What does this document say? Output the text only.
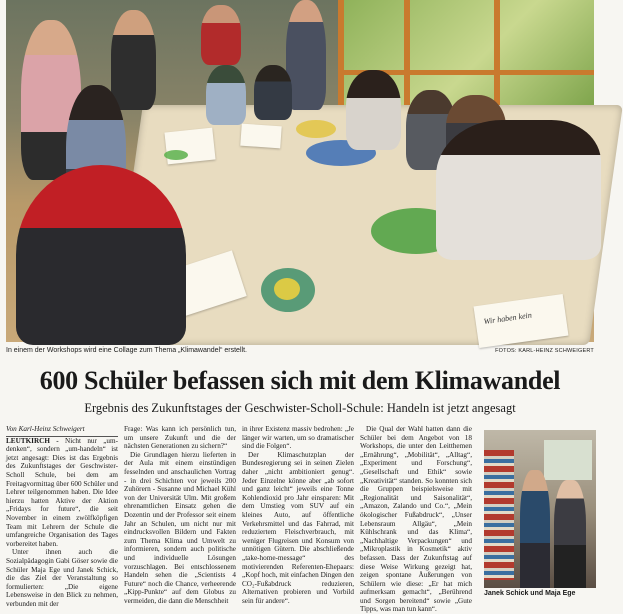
Wir haben kein
In einem der Workshops wird eine Collage zum Thema „Klimawandel“ erstellt.	FOTOS: KARL-HEINZ SCHWEIGERT
600 Schüler befassen sich mit dem Klimawandel
Ergebnis des Zukunftstages der Geschwister-Scholl-Schule: Handeln ist jetzt angesagt

Von Karl-Heinz Schweigert

LEUTKIRCH - Nicht nur „um-denken“, sondern „um-handeln“ ist jetzt angesagt: Dies ist das Ergebnis des Zukunftstages der Geschwister-Scholl Schule, bei dem am Freitagvormittag über 600 Schüler und Lehrer teilgenommen haben. Die Idee hierzu hatten Aktive der Aktion „Fridays for future“, die seit November in einem zwölfköpfigen Team mit Lehrern der Schule die umfangreiche Organisation des Tages vorbereitet haben.

Unter ihnen auch die Sozialpädagogin Gabi Göser sowie die Schüler Maja Ege und Janek Schick, die das Ziel der Veranstaltung so formulierten: „Die eigene Lebensweise in den Blick zu nehmen, verbunden mit der

Frage: Was kann ich persönlich tun, um unsere Zukunft und die der nächsten Generationen zu sichern?“

Die Grundlagen hierzu lieferten in der Aula mit einem einstündigen fesselnden und anschaulichen Vortrag - in drei Schichten vor jeweils 200 Zuhörern - Susanne und Michael Kühl von der Universität Ulm. Mit großem ehrenamtlichen Einsatz gehen die Dozentin und der Professor seit einem Jahr an Schulen, um nicht nur mit eindrucksvollen Bildern und Fakten zum Thema Klima und Umwelt zu informieren, sondern auch politische und individuelle Lösungen vorzuschlagen. Bei entschlossenem Handeln sehen die „Scientists 4 Future“ noch die Chance, verheerende „Kipp-Punkte“ auf dem Globus zu vermeiden, die dann die Menschheit

in ihrer Existenz massiv bedrohen: „Je länger wir warten, um so dramatischer sind die Folgen“.

Der Klimaschutzplan der Bundesregierung sei in seinen Zielen daher „nicht ambitioniert genug“. Jeder Einzelne könne aber „ab sofort und ganz leicht“ jeweils eine Tonne Kohlendioxid pro Jahr einsparen: Mit dem Umstieg vom SUV auf ein kleines Auto, auf öffentliche Verkehrsmittel und das Fahrrad, mit reduziertem Fleischverbrauch, mit weniger Flugreisen und Konsum von unnötigen Gütern. Die abschließende „take-home-message“ des motivierenden Referenten-Ehepaars: „Kopf hoch, mit einfachen Dingen den CO₂-Fußabdruck reduzieren, Alternativen probieren und Vorbild sein für andere“.

Die Qual der Wahl hatten dann die Schüler bei dem Angebot von 18 Workshops, die unter den Leitthemen „Ernährung“, „Mobilität“, „Alltag“, „Experiment und Forschung“, „Gesellschaft und Ethik“ sowie „Kreativität“ standen. So konnten sich die Gruppen beispielsweise mit „Regionalität und Saisonalität“, „Amazon, Zalando und Co.“, „Mein ökologischer Fußabdruck“, „Unser Lebensraum Allgäu“, „Mein Kühlschrank und das Klima“, „Nachhaltige Verpackungen“ und „Mikroplastik in Kosmetik“ aktiv befassen. Dass der Zukunftstag auf diese Weise Wirkung gezeigt hat, zeigen spontane Äußerungen von Schülern wie diese: „Er hat mich aufmerksam gemacht“, „Berührend und Sorgen bereitend“ sowie „Gute Tipps, was man tun kann“.

Janek Schick und Maja Ege
